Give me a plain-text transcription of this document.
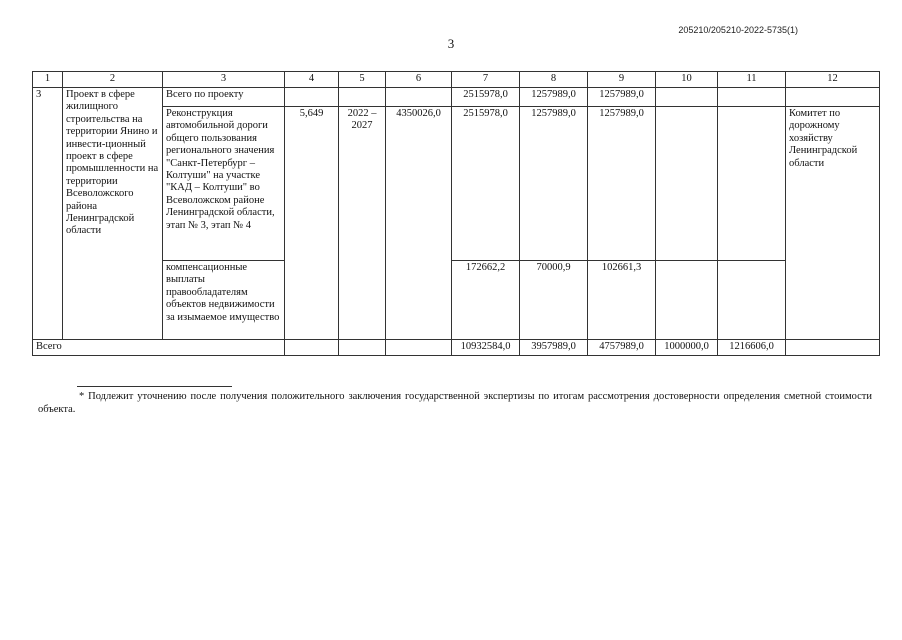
205210/205210-2022-5735(1)
3
1	2	3	4	5	6	7	8	9	10	11	12
3	Проект в сфере жилищного строительства на территории Янино и инвести-ционный проект в сфере промышленности на территории Всеволожского района Ленинградской области	Всего по проекту				2515978,0	1257989,0	1257989,0			
		Реконструкция автомобильной дороги общего пользования регионального значения "Санкт-Петербург – Колтуши" на участке "КАД – Колтуши" во Всеволожском районе Ленинградской области, этап № 3, этап № 4	5,649	2022 – 2027	4350026,0	2515978,0	1257989,0	1257989,0			Комитет по дорожному хозяйству Ленинградской области
		компенсационные выплаты правообладателям объектов недвижимости за изымаемое имущество				172662,2	70000,9	102661,3			
Всего						10932584,0	3957989,0	4757989,0	1000000,0	1216606,0	
* Подлежит уточнению после получения положительного заключения государственной экспертизы по итогам рассмотрения достоверности определения сметной стоимости объекта.
